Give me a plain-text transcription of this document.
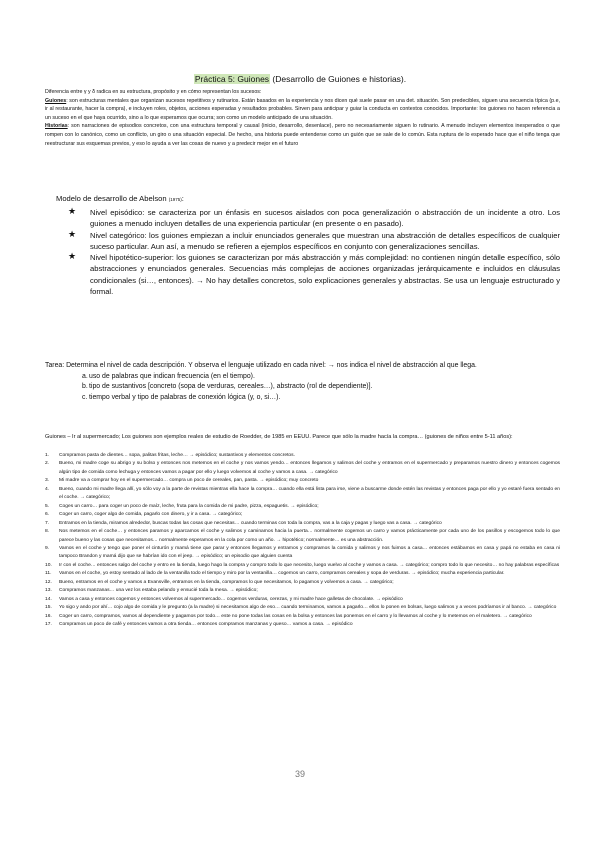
Práctica 5: Guiones (Desarrollo de Guiones e historias).

Diferencia entre γ y δ radica en su estructura, propósito y en cómo representan los sucesos:

Guiones: son estructuras mentales que organizan sucesos repetitivos y rutinarios. Están basados en la experiencia y nos dicen qué suele pasar en una det. situación. Son predecibles, siguen una secuencia típica (p.e, ir al restaurante, hacer la compra), e incluyen roles, objetos, acciones esperadas y resultados probables. Sirven para anticipar y guiar la conducta en contextos conocidos. Importante: los guiones no hacen referencia a un suceso en el que haya ocurrido, sino a lo que esperamos que ocurra; son como un modelo anticipado de una situación.

Historias: son narraciones de episodios concretos, con una estructura temporal y causal (inicio, desarrollo, desenlace), pero no necesariamente siguen lo rutinario. A menudo incluyen elementos inesperados o que rompen con lo canónico, como un conflicto, un giro o una situación especial. De hecho, una historia puede entenderse como un guión que se sale de lo común. Esta ruptura de lo esperado hace que el niño tenga que reestructurar sus esquemas previos, y eso lo ayuda a ver las cosas de nuevo y a predecir mejor en el futuro

Modelo de desarrollo de Abelson (1975):
★ Nivel episódico: se caracteriza por un énfasis en sucesos aislados con poca generalización o abstracción de un incidente a otro. Los guiones a menudo incluyen detalles de una experiencia particular (en presente o en pasado).
★ Nivel categórico: los guiones empiezan a incluir enunciados generales que muestran una abstracción de detalles específicos de cualquier suceso particular. Aun así, a menudo se refieren a ejemplos específicos en conjunto con generalizaciones sencillas.
★ Nivel hipotético-superior: los guiones se caracterizan por más abstracción y más complejidad: no contienen ningún detalle específico, sólo abstracciones y enunciados generales. Secuencias más complejas de acciones organizadas jerárquicamente e incluidos en cláusulas condicionales (si…, entonces). → No hay detalles concretos, solo explicaciones generales y abstractas. Se usa un lenguaje estructurado y formal.

Tarea: Determina el nivel de cada descripción. Y observa el lenguaje utilizado en cada nivel: → nos indica el nivel de abstracción al que llega.

a. uso de palabras que indican frecuencia (en el tiempo).
b. tipo de sustantivos [concreto (sopa de verduras, cereales…), abstracto (rol de dependiente)].
c. tiempo verbal y tipo de palabras de conexión lógica (y, o, si…).

Guiones – Ir al supermercado; Los guiones son ejemplos reales de estudio de Roedder, de 1985 en EEUU. Parece que sólo la madre hacía la compra… (guiones de niños entre 5-11 años):

1. Compramos pasta de dientes… sopa, palitas fritas, leche… → episódico; sustantivos y elementos concretos.
2. Bueno, mi madre coge su abrigo y su bolso y entonces nos metemos en el coche y nos vamos yendo… entonces llegamos y salimos del coche y entramos en el supermercado y preparamos nuestro dinero y entonces cogemos algún tipo de comida como lechuga y entonces vamos a pagar por ello y luego volvemos al coche y vamos a casa. → categórico
3. Mi madre va a comprar hoy en el supermercado… compra un poco de cereales, pan, pasta. → episódico; muy concreto
4. Bueno, cuando mi madre llega allí, yo sólo voy a la parte de revistas mientras ella hace la compra… cuando ella está lista para irse, viene a buscarme donde estén las revistas y entonces paga por ello y yo estaré fuera sentado en el coche. → categórico;
5. Coges un carro… para coger un poco de maíz, leche, fruta para la comida de mi padre, pizza, espaguetis. → episódico;
6. Coger un carro, coger algo de comida, pagarlo con dinero, y ir a casa. → categórico;
7. Entramos en la tienda, miramos alrededor, buscas todas las cosas que necesitas… cuando terminas con toda la compra, vas a la caja y pagas y luego vas a casa. → categórico
8. Nos metemos en el coche… y entonces paramos y aparcamos el coche y salimos y caminamos hacia la puerta… normalmente cogemos un carro y vamos prácticamente por cada uno de los pasillos y escogemos todo lo que parece bueno y las cosas que necesitamos… normalmente esperamos en la cola por como un año. → hipotético; normalmente… es una abstracción.
9. Vamos en el coche y tengo que poner el cinturón y mamá tiene que parar y entonces llegamos y entramos y compramos la comida y salimos y nos fuimos a casa… entonces estábamos en casa y papá no estaba en casa ni tampoco Brandon y mamá dijo que se habrían ido con el jeep. → episódico; un episodio que alguien cuenta
10. Ir con el coche… entonces salgo del coche y entro en la tienda, luego hago la compra y compro todo lo que necesito, luego vuelvo al coche y vamos a casa. → categórico; compro todo lo que necesito… no hay palabras específicas
11. Vamos en el coche, yo estoy sentado al lado de la ventanilla todo el tiempo y miro por la ventanilla… cogemos un carro, compramos cereales y sopa de verduras. → episódico; mucha experiencia particular.
12. Bueno, entramos en el coche y vamos a Evansville, entramos en la tienda, compramos lo que necesitamos, lo pagamos y volvemos a casa. → categórico;
13. Compramos manzanas… una vez los estaba pelando y ensucié toda la mesa. → episódico;
14. Vamos a casa y entonces cogemos y entonces volvemos al supermercado… cogemos verduras, cerezas, y mi madre hace galletas de chocolate. → episódico
15. Yo sigo y ando por ahí… cojo algo de comida y le pregunto (a la madre) si necesitamos algo de eso… cuando terminamos, vamos a pagarlo… ellos lo ponen en bolsas, luego salimos y a veces podríamos ir al banco. → categórico
16. Coger un carro, compramos, vamos al dependiente y pagamos por todo… este no pone todas las cosas en la bolsa y entonces las ponemos en el carro y lo llevamos al coche y lo metemos en el maletero. → categórico
17. Compramos un poco de café y entonces vamos a otra tienda… entonces compramos manzanas y queso… vamos a casa. → episódico
39
